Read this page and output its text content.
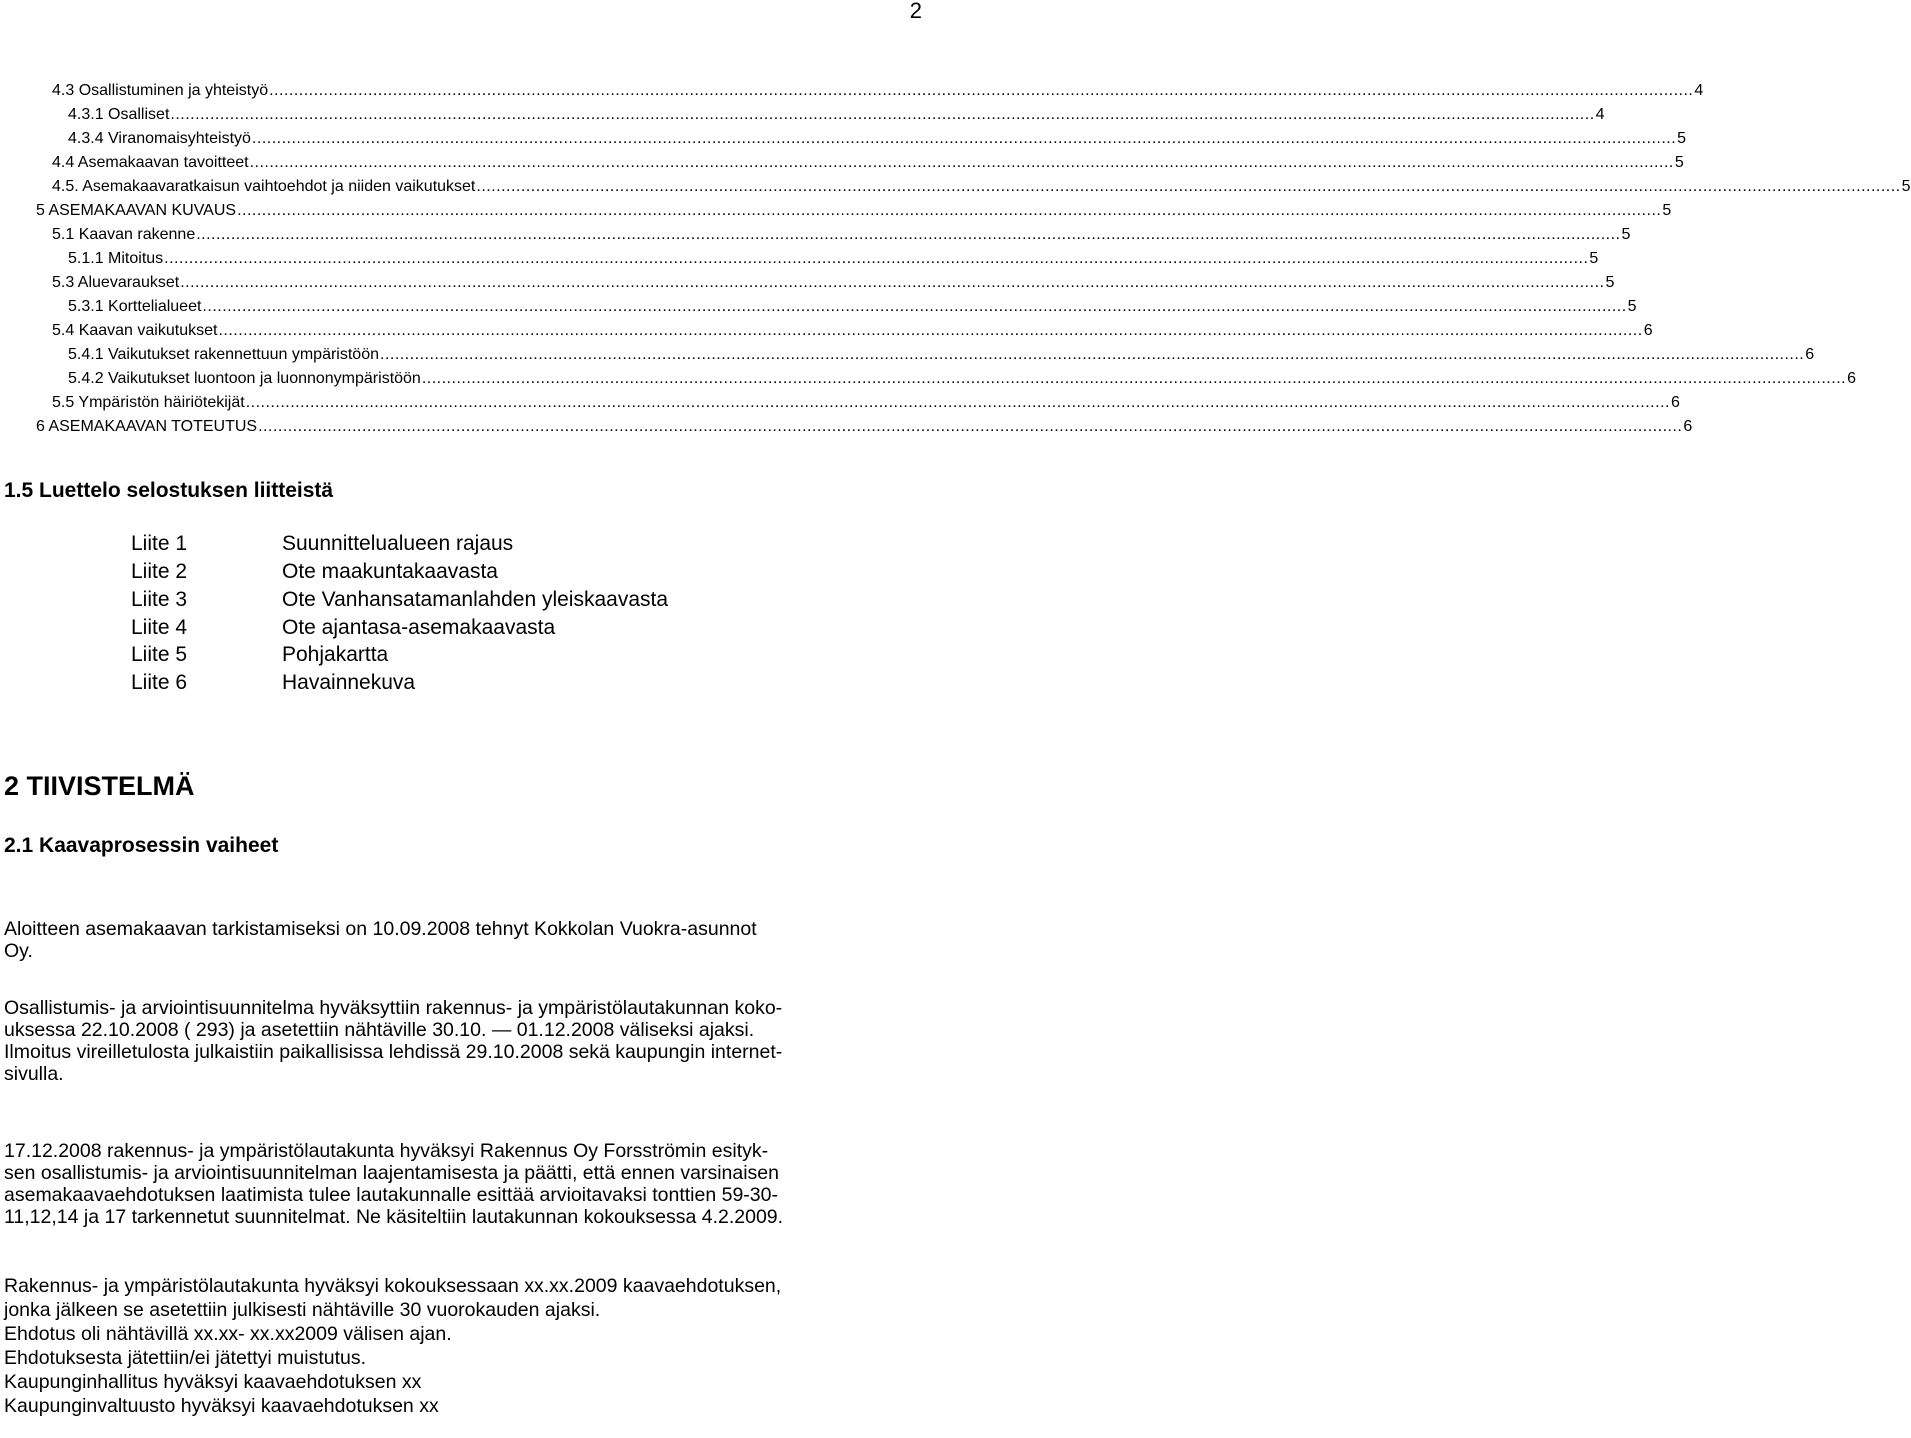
2
4.3 Osallistuminen ja yhteistyö .....	4
4.3.1 Osalliset .....	4
4.3.4 Viranomaisyhteistyö .....	5
4.4 Asemakaavan tavoitteet .....	5
4.5. Asemakaavaratkaisun vaihtoehdot ja niiden vaikutukset .....	5
5 ASEMAKAAVAN KUVAUS .....	5
5.1 Kaavan rakenne .....	5
5.1.1 Mitoitus .....	5
5.3 Aluevaraukset .....	5
5.3.1 Korttelialueet .....	5
5.4 Kaavan vaikutukset .....	6
5.4.1 Vaikutukset rakennettuun ympäristöön .....	6
5.4.2 Vaikutukset luontoon ja luonnonympäristöön .....	6
5.5 Ympäristön häiriötekijät .....	6
6 ASEMAKAAVAN TOTEUTUS .....	6
1.5 Luettelo selostuksen liitteistä
Liite 1	Suunnittelualueen rajaus
Liite 2	Ote maakuntakaavasta
Liite 3	Ote Vanhansatamanlahden yleiskaavasta
Liite 4	Ote ajantasa-asemakaavasta
Liite 5	Pohjakartta
Liite 6	Havainnekuva
2 TIIVISTELMÄ
2.1 Kaavaprosessin vaiheet
Aloitteen asemakaavan tarkistamiseksi on 10.09.2008 tehnyt Kokkolan Vuokra-asunnot
Oy.
Osallistumis- ja arviointisuunnitelma hyväksyttiin rakennus- ja ympäristölautakunnan koko-
uksessa 22.10.2008 ( 293) ja asetettiin nähtäville 30.10. — 01.12.2008 väliseksi ajaksi.
Ilmoitus vireilletulosta julkaistiin paikallisissa lehdissä 29.10.2008 sekä kaupungin internet-
sivulla.
17.12.2008 rakennus- ja ympäristölautakunta hyväksyi Rakennus Oy Forsströmin esityk-
sen osallistumis- ja arviointisuunnitelman laajentamisesta ja päätti, että ennen varsinaisen
asemakaavaehdotuksen laatimista tulee lautakunnalle esittää arvioitavaksi tonttien 59-30-
11,12,14 ja 17 tarkennetut suunnitelmat. Ne käsiteltiin lautakunnan kokouksessa 4.2.2009.
Rakennus- ja ympäristölautakunta hyväksyi kokouksessaan xx.xx.2009 kaavaehdotuksen,
jonka jälkeen se asetettiin julkisesti nähtäville 30 vuorokauden ajaksi.
Ehdotus oli nähtävillä xx.xx- xx.xx2009 välisen ajan.
Ehdotuksesta jätettiin/ei jätettyi muistutus.
Kaupunginhallitus hyväksyi kaavaehdotuksen xx
Kaupunginvaltuusto hyväksyi kaavaehdotuksen xx
